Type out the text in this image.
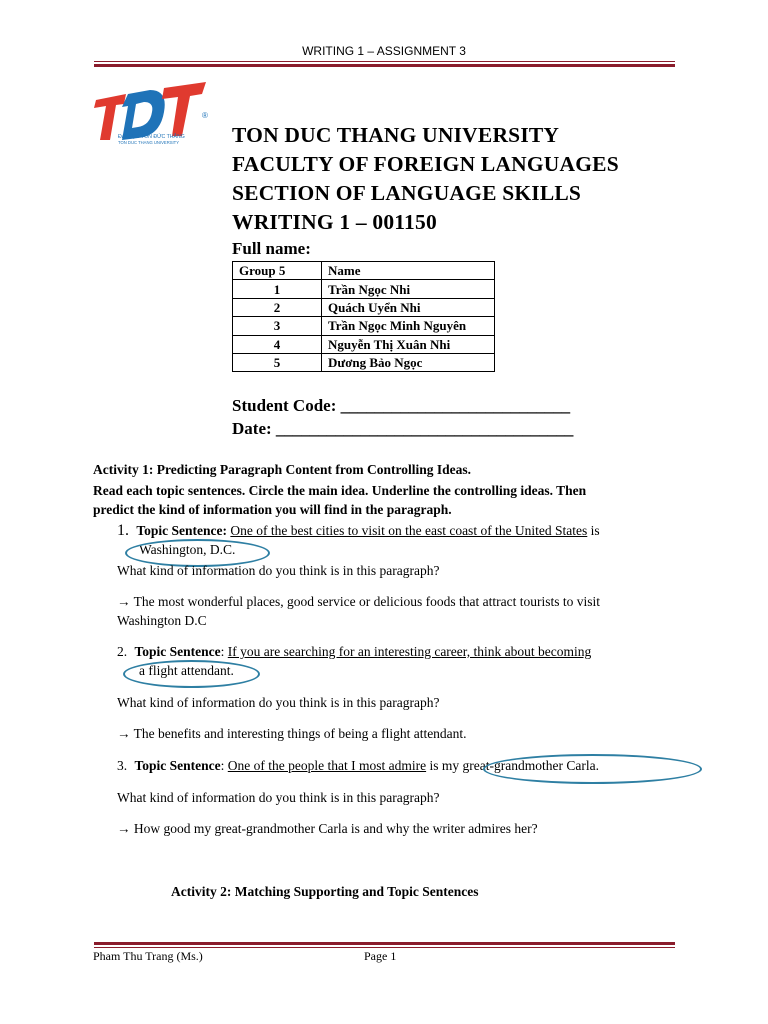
WRITING 1 – ASSIGNMENT 3
®
ĐẠI HỌC TÔN ĐỨC THẮNG
TON DUC THANG UNIVERSITY TON DUC THANG UNIVERSITY
FACULTY OF FOREIGN LANGUAGES
SECTION OF LANGUAGE SKILLS
WRITING 1 – 001150
Full name:
Group 5	Name
1	Trần Ngọc Nhi
2	Quách Uyển Nhi
3	Trần Ngọc Minh Nguyên
4	Nguyễn Thị Xuân Nhi
5	Dương Bảo Ngọc
Student Code: ___________________________
Date: ___________________________________
Activity 1: Predicting Paragraph Content from Controlling Ideas.
Read each topic sentences. Circle the main idea. Underline the controlling ideas. Then
predict the kind of information you will find in the paragraph.
1. Topic Sentence: One of the best cities to visit on the east coast of the United States is
Washington, D.C.
What kind of information do you think is in this paragraph?
→ The most wonderful places, good service or delicious foods that attract tourists to visit
Washington D.C
2. Topic Sentence: If you are searching for an interesting career, think about becoming
a flight attendant.
What kind of information do you think is in this paragraph?
→ The benefits and interesting things of being a flight attendant.
3. Topic Sentence: One of the people that I most admire is my great-grandmother Carla.
What kind of information do you think is in this paragraph?
→ How good my great-grandmother Carla is and why the writer admires her?
Activity 2: Matching Supporting and Topic Sentences
Pham Thu Trang (Ms.)	Page 1
